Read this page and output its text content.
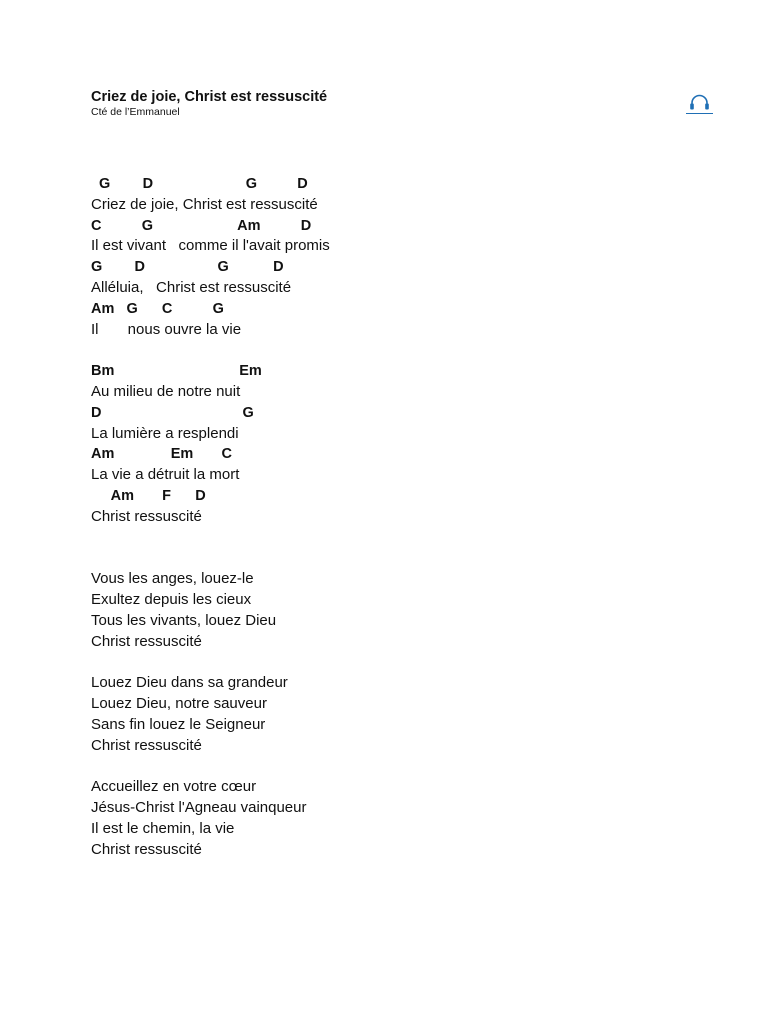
Criez de joie, Christ est ressuscité
Cté de l’Emmanuel
G        D                       G          D
Criez de joie, Christ est ressuscité
C          G                     Am          D
Il est vivant   comme il l'avait promis
G        D                  G           D
Alléluia,   Christ est ressuscité
Am   G      C          G
Il       nous ouvre la vie
Bm                               Em
Au milieu de notre nuit
D                                   G
La lumière a resplendi
Am              Em       C
La vie a détruit la mort
Am       F      D
Christ ressuscité
Vous les anges, louez-le
Exultez depuis les cieux
Tous les vivants, louez Dieu
Christ ressuscité
Louez Dieu dans sa grandeur
Louez Dieu, notre sauveur
Sans fin louez le Seigneur
Christ ressuscité
Accueillez en votre cœur
Jésus-Christ l'Agneau vainqueur
Il est le chemin, la vie
Christ ressuscité
